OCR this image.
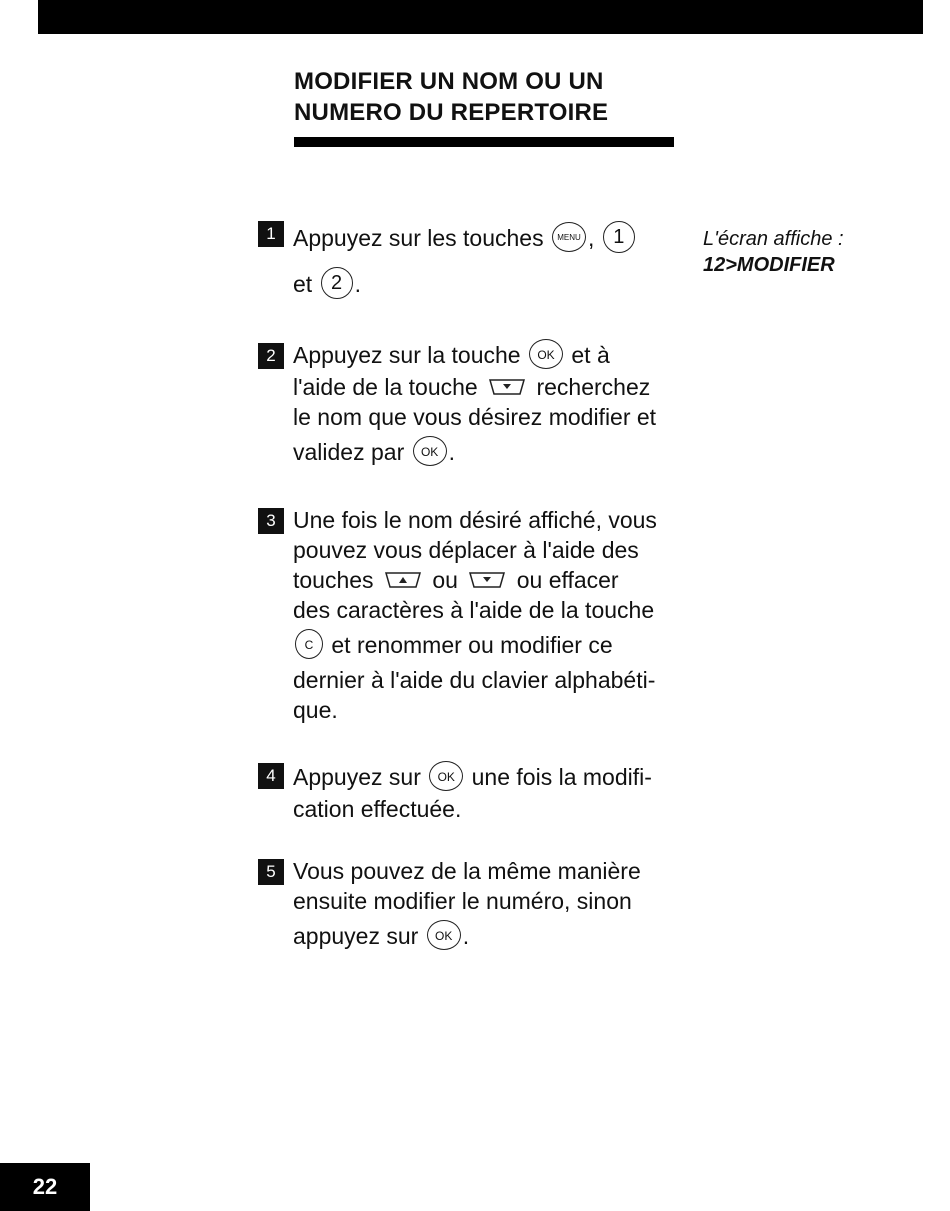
MODIFIER UN NOM OU UN
NUMERO DU REPERTOIRE
1 Appuyez sur les touches MENU , 1
et 2 .
2 Appuyez sur la touche OK et à
l'aide de la touche	recherchez
le nom que vous désirez modifier et
validez par OK .
3 Une fois le nom désiré affiché, vous
pouvez vous déplacer à l'aide des
touches	ou	ou effacer
des caractères à l'aide de la touche
C et renommer ou modifier ce
dernier à l'aide du clavier alphabéti-
que.
4 Appuyez sur OK une fois la modifi-
cation effectuée.
5 Vous pouvez de la même manière
ensuite modifier le numéro, sinon
appuyez sur OK .
L'écran affiche :
12>MODIFIER
22
